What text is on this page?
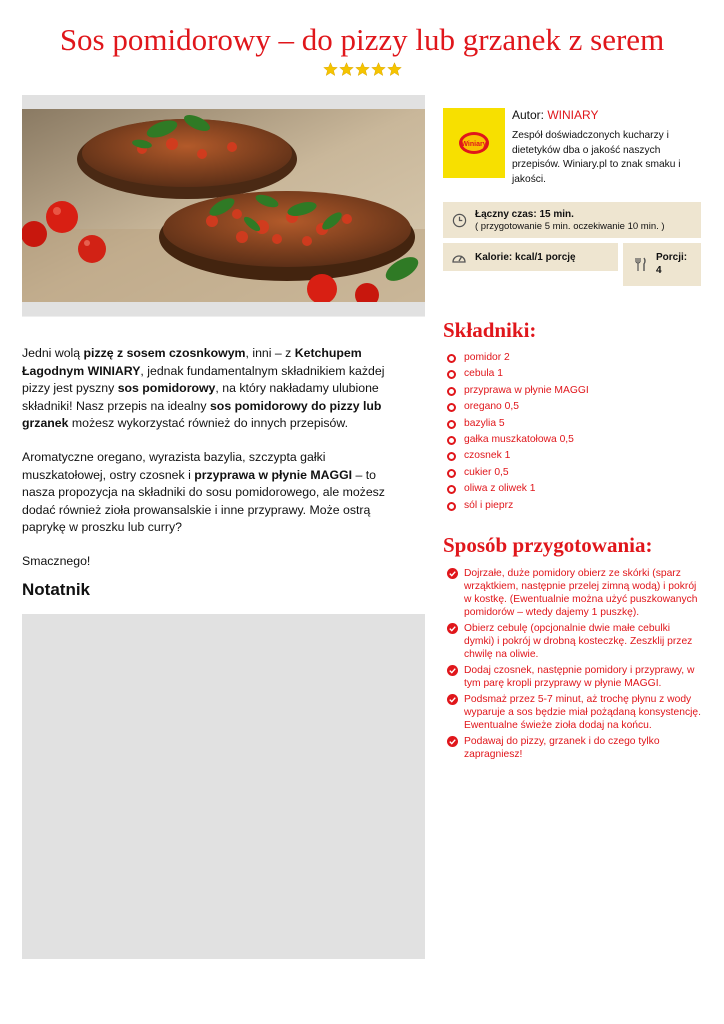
Sos pomidorowy – do pizzy lub grzanek z serem

Jedni wolą pizzę z sosem czosnkowym, inni – z Ketchupem Łagodnym WINIARY, jednak fundamentalnym składnikiem każdej pizzy jest pyszny sos pomidorowy, na który nakładamy ulubione składniki! Nasz przepis na idealny sos pomidorowy do pizzy lub grzanek możesz wykorzystać również do innych przepisów.

Aromatyczne oregano, wyrazista bazylia, szczypta gałki muszkatołowej, ostry czosnek i przyprawa w płynie MAGGI – to nasza propozycja na składniki do sosu pomidorowego, ale możesz dodać również zioła prowansalskie i inne przyprawy. Może ostrą paprykę w proszku lub curry?

Smacznego!

Notatnik
Winiary
Autor: WINIARY
Zespół doświadczonych kucharzy i dietetyków dba o jakość naszych przepisów. Winiary.pl to znak smaku i jakości.
Łączny czas: 15 min.
( przygotowanie 5 min. oczekiwanie 10 min. )
Kalorie: kcal/1 porcję	Porcji:
4
Składniki:
pomidor 2
cebula 1
przyprawa w płynie MAGGI
oregano 0,5
bazylia 5
gałka muszkatołowa 0,5
czosnek 1
cukier 0,5
oliwa z oliwek 1
sól i pieprz
Sposób przygotowania:
Dojrzałe, duże pomidory obierz ze skórki (sparz wrząktkiem, następnie przelej zimną wodą) i pokrój w kostkę. (Ewentualnie można użyć puszkowanych pomidorów – wtedy dajemy 1 puszkę).
Obierz cebulę (opcjonalnie dwie małe cebulki dymki) i pokrój w drobną kosteczkę. Zeszklij przez chwilę na oliwie.
Dodaj czosnek, następnie pomidory i przyprawy, w tym parę kropli przyprawy w płynie MAGGI.
Podsmaż przez 5-7 minut, aż trochę płynu z wody wyparuje a sos będzie miał pożądaną konsystencję. Ewentualne świeże zioła dodaj na końcu.
Podawaj do pizzy, grzanek i do czego tylko zapragniesz!
